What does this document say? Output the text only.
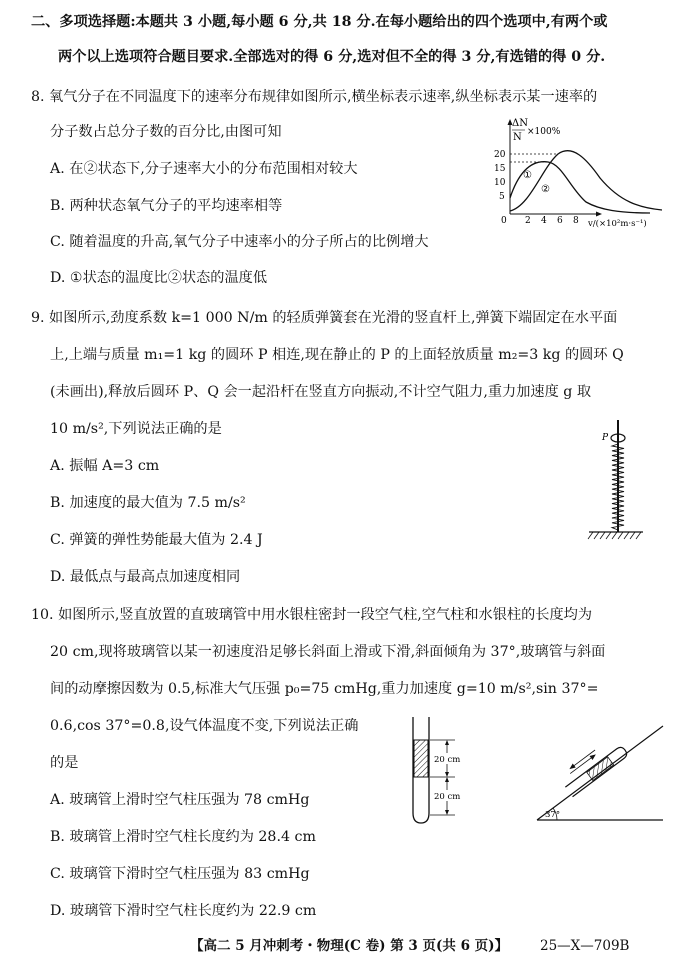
二、多项选择题:本题共 3 小题,每小题 6 分,共 18 分.在每小题给出的四个选项中,有两个或
两个以上选项符合题目要求.全部选对的得 6 分,选对但不全的得 3 分,有选错的得 0 分.
8. 氧气分子在不同温度下的速率分布规律如图所示,横坐标表示速率,纵坐标表示某一速率的
分子数占总分子数的百分比,由图可知
A. 在②状态下,分子速率大小的分布范围相对较大
B. 两种状态氧气分子的平均速率相等
C. 随着温度的升高,氧气分子中速率小的分子所占的比例增大
D. ①状态的温度比②状态的温度低
ΔN
N ×100%
20
15
10
5
0 2 4 6 8 v/(×10²m·s⁻¹)
①
②
9. 如图所示,劲度系数 k=1 000 N/m 的轻质弹簧套在光滑的竖直杆上,弹簧下端固定在水平面
上,上端与质量 m₁=1 kg 的圆环 P 相连,现在静止的 P 的上面轻放质量 m₂=3 kg 的圆环 Q
(未画出),释放后圆环 P、Q 会一起沿杆在竖直方向振动,不计空气阻力,重力加速度 g 取
10 m/s²,下列说法正确的是
A. 振幅 A=3 cm
B. 加速度的最大值为 7.5 m/s²
C. 弹簧的弹性势能最大值为 2.4 J
D. 最低点与最高点加速度相同
P
10. 如图所示,竖直放置的直玻璃管中用水银柱密封一段空气柱,空气柱和水银柱的长度均为
20 cm,现将玻璃管以某一初速度沿足够长斜面上滑或下滑,斜面倾角为 37°,玻璃管与斜面
间的动摩擦因数为 0.5,标准大气压强 p₀=75 cmHg,重力加速度 g=10 m/s²,sin 37°=
0.6,cos 37°=0.8,设气体温度不变,下列说法正确
的是
A. 玻璃管上滑时空气柱压强为 78 cmHg
B. 玻璃管上滑时空气柱长度约为 28.4 cm
C. 玻璃管下滑时空气柱压强为 83 cmHg
D. 玻璃管下滑时空气柱长度约为 22.9 cm
20 cm
20 cm
37°
【高二 5 月冲刺考・物理(C 卷) 第 3 页(共 6 页)】 25—X—709B
